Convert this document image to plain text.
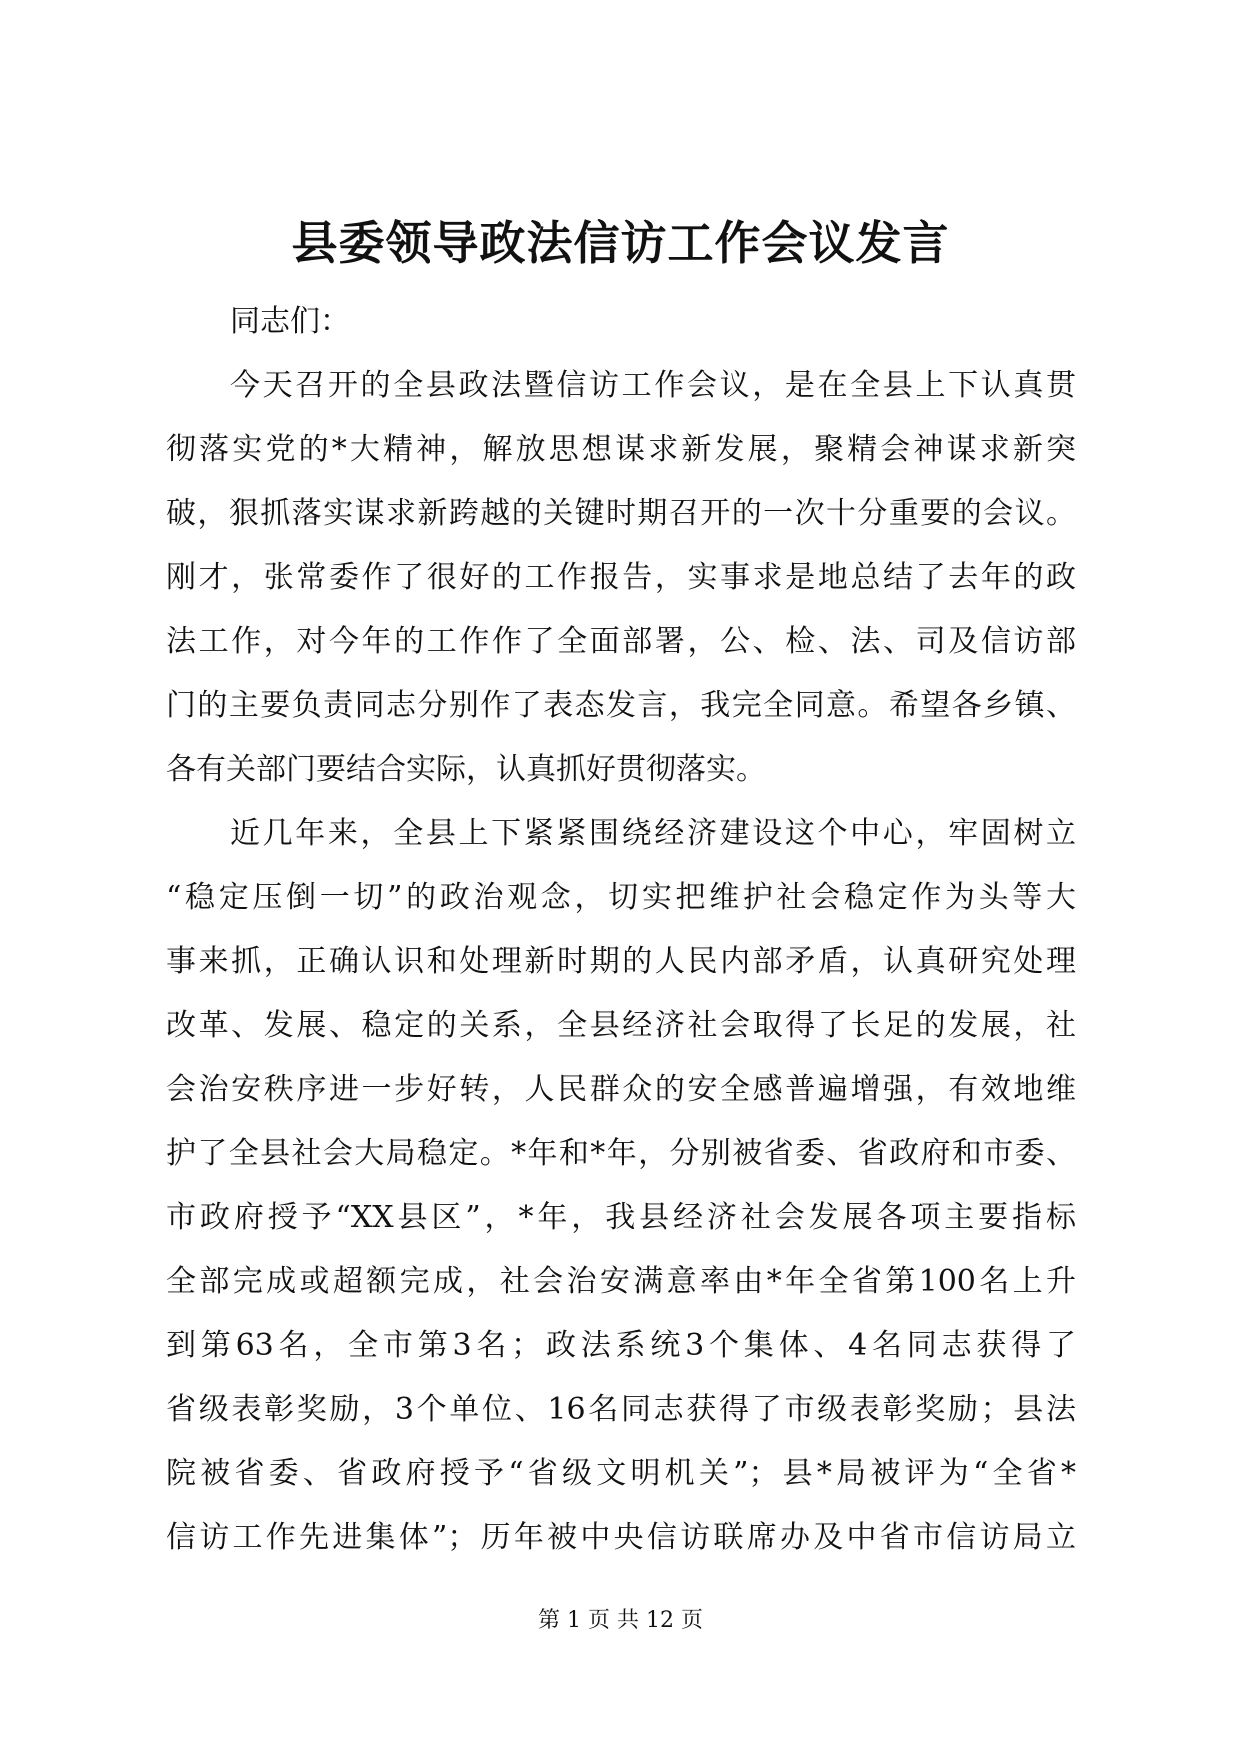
县委领导政法信访工作会议发言
同志们：
今天召开的全县政法暨信访工作会议，是在全县上下认真贯
彻落实党的*大精神，解放思想谋求新发展，聚精会神谋求新突
破，狠抓落实谋求新跨越的关键时期召开的一次十分重要的会议。
刚才，张常委作了很好的工作报告，实事求是地总结了去年的政
法工作，对今年的工作作了全面部署，公、检、法、司及信访部
门的主要负责同志分别作了表态发言，我完全同意。希望各乡镇、
各有关部门要结合实际，认真抓好贯彻落实。
近几年来，全县上下紧紧围绕经济建设这个中心，牢固树立
“稳定压倒一切”的政治观念，切实把维护社会稳定作为头等大
事来抓，正确认识和处理新时期的人民内部矛盾，认真研究处理
改革、发展、稳定的关系，全县经济社会取得了长足的发展，社
会治安秩序进一步好转，人民群众的安全感普遍增强，有效地维
护了全县社会大局稳定。*年和*年，分别被省委、省政府和市委、
市政府授予“XX县区”，*年，我县经济社会发展各项主要指标
全部完成或超额完成，社会治安满意率由*年全省第100名上升
到第63名，全市第3名；政法系统3个集体、4名同志获得了
省级表彰奖励，3个单位、16名同志获得了市级表彰奖励；县法
院被省委、省政府授予“省级文明机关”；县*局被评为“全省*
信访工作先进集体”；历年被中央信访联席办及中省市信访局立
第 1 页 共 12 页
